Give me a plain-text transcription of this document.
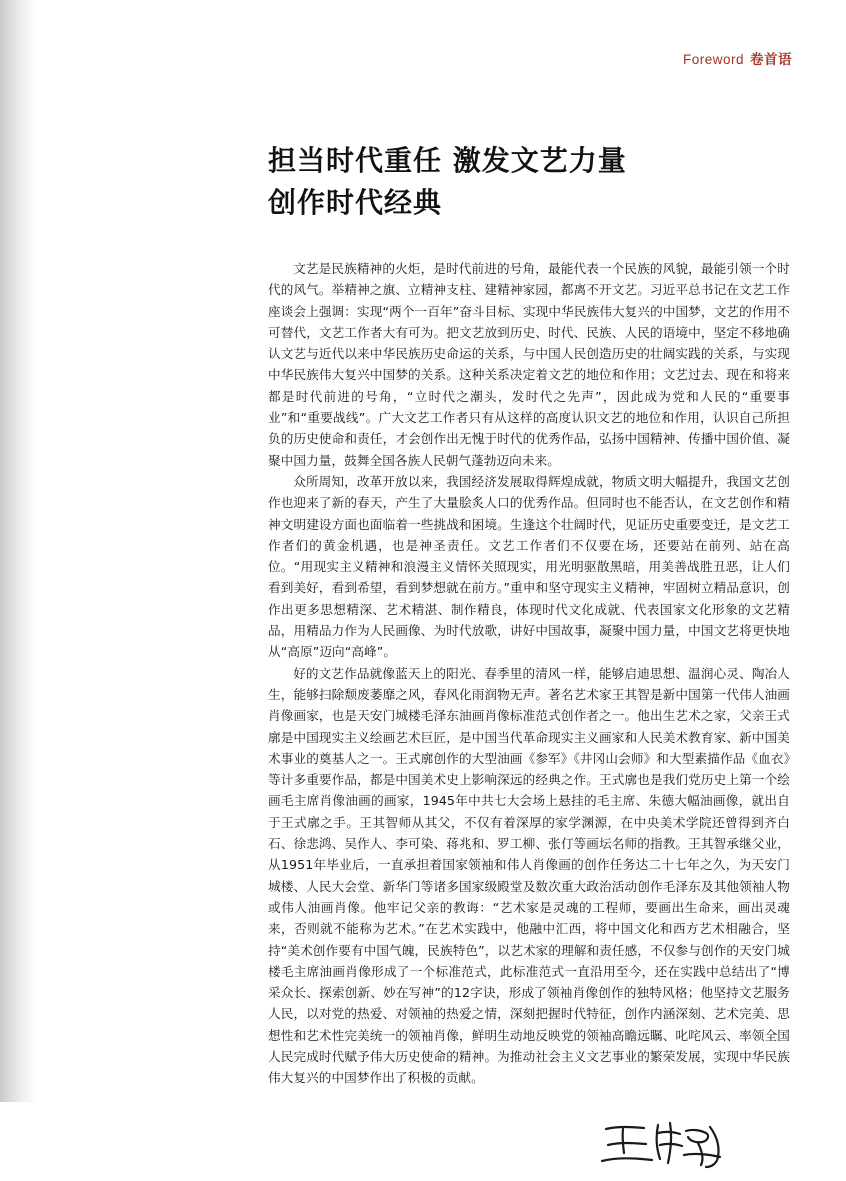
Foreword 卷首语
担当时代重任 激发文艺力量
创作时代经典

文艺是民族精神的火炬，是时代前进的号角，最能代表一个民族的风貌，最能引领一个时代的风气。举精神之旗、立精神支柱、建精神家园，都离不开文艺。习近平总书记在文艺工作座谈会上强调：实现“两个一百年”奋斗目标、实现中华民族伟大复兴的中国梦，文艺的作用不可替代，文艺工作者大有可为。把文艺放到历史、时代、民族、人民的语境中，坚定不移地确认文艺与近代以来中华民族历史命运的关系，与中国人民创造历史的壮阔实践的关系，与实现中华民族伟大复兴中国梦的关系。这种关系决定着文艺的地位和作用；文艺过去、现在和将来都是时代前进的号角，“立时代之潮头，发时代之先声”，因此成为党和人民的“重要事业”和“重要战线”。广大文艺工作者只有从这样的高度认识文艺的地位和作用，认识自己所担负的历史使命和责任，才会创作出无愧于时代的优秀作品，弘扬中国精神、传播中国价值、凝聚中国力量，鼓舞全国各族人民朝气蓬勃迈向未来。

众所周知，改革开放以来，我国经济发展取得辉煌成就，物质文明大幅提升，我国文艺创作也迎来了新的春天，产生了大量脍炙人口的优秀作品。但同时也不能否认，在文艺创作和精神文明建设方面也面临着一些挑战和困境。生逢这个壮阔时代，见证历史重要变迁，是文艺工作者们的黄金机遇，也是神圣责任。文艺工作者们不仅要在场，还要站在前列、站在高位。“用现实主义精神和浪漫主义情怀关照现实，用光明驱散黑暗，用美善战胜丑恶，让人们看到美好，看到希望，看到梦想就在前方。”重申和坚守现实主义精神，牢固树立精品意识，创作出更多思想精深、艺术精湛、制作精良，体现时代文化成就、代表国家文化形象的文艺精品，用精品力作为人民画像、为时代放歌，讲好中国故事，凝聚中国力量，中国文艺将更快地从“高原”迈向“高峰”。

好的文艺作品就像蓝天上的阳光、春季里的清风一样，能够启迪思想、温润心灵、陶冶人生，能够扫除颓废萎靡之风，春风化雨润物无声。著名艺术家王其智是新中国第一代伟人油画肖像画家，也是天安门城楼毛泽东油画肖像标准范式创作者之一。他出生艺术之家，父亲王式廓是中国现实主义绘画艺术巨匠，是中国当代革命现实主义画家和人民美术教育家、新中国美术事业的奠基人之一。王式廓创作的大型油画《参军》《井冈山会师》和大型素描作品《血衣》等计多重要作品，都是中国美术史上影响深远的经典之作。王式廓也是我们党历史上第一个绘画毛主席肖像油画的画家，1945年中共七大会场上悬挂的毛主席、朱德大幅油画像，就出自于王式廓之手。王其智师从其父，不仅有着深厚的家学渊源，在中央美术学院还曾得到齐白石、徐悲鸿、吴作人、李可染、蒋兆和、罗工柳、张仃等画坛名师的指教。王其智承继父业，从1951年毕业后，一直承担着国家领袖和伟人肖像画的创作任务达二十七年之久，为天安门城楼、人民大会堂、新华门等诸多国家级殿堂及数次重大政治活动创作毛泽东及其他领袖人物或伟人油画肖像。他牢记父亲的教诲：“艺术家是灵魂的工程师，要画出生命来，画出灵魂来，否则就不能称为艺术。”在艺术实践中，他融中汇西，将中国文化和西方艺术相融合，坚持“美术创作要有中国气魄，民族特色”，以艺术家的理解和责任感，不仅参与创作的天安门城楼毛主席油画肖像形成了一个标准范式，此标准范式一直沿用至今，还在实践中总结出了“博采众长、探索创新、妙在写神”的12字诀，形成了领袖肖像创作的独特风格；他坚持文艺服务人民，以对党的热爱、对领袖的热爱之情，深刻把握时代特征，创作内涵深刻、艺术完美、思想性和艺术性完美统一的领袖肖像，鲜明生动地反映党的领袖高瞻远瞩、叱咤风云、率领全国人民完成时代赋予伟大历史使命的精神。为推动社会主义文艺事业的繁荣发展，实现中华民族伟大复兴的中国梦作出了积极的贡献。
